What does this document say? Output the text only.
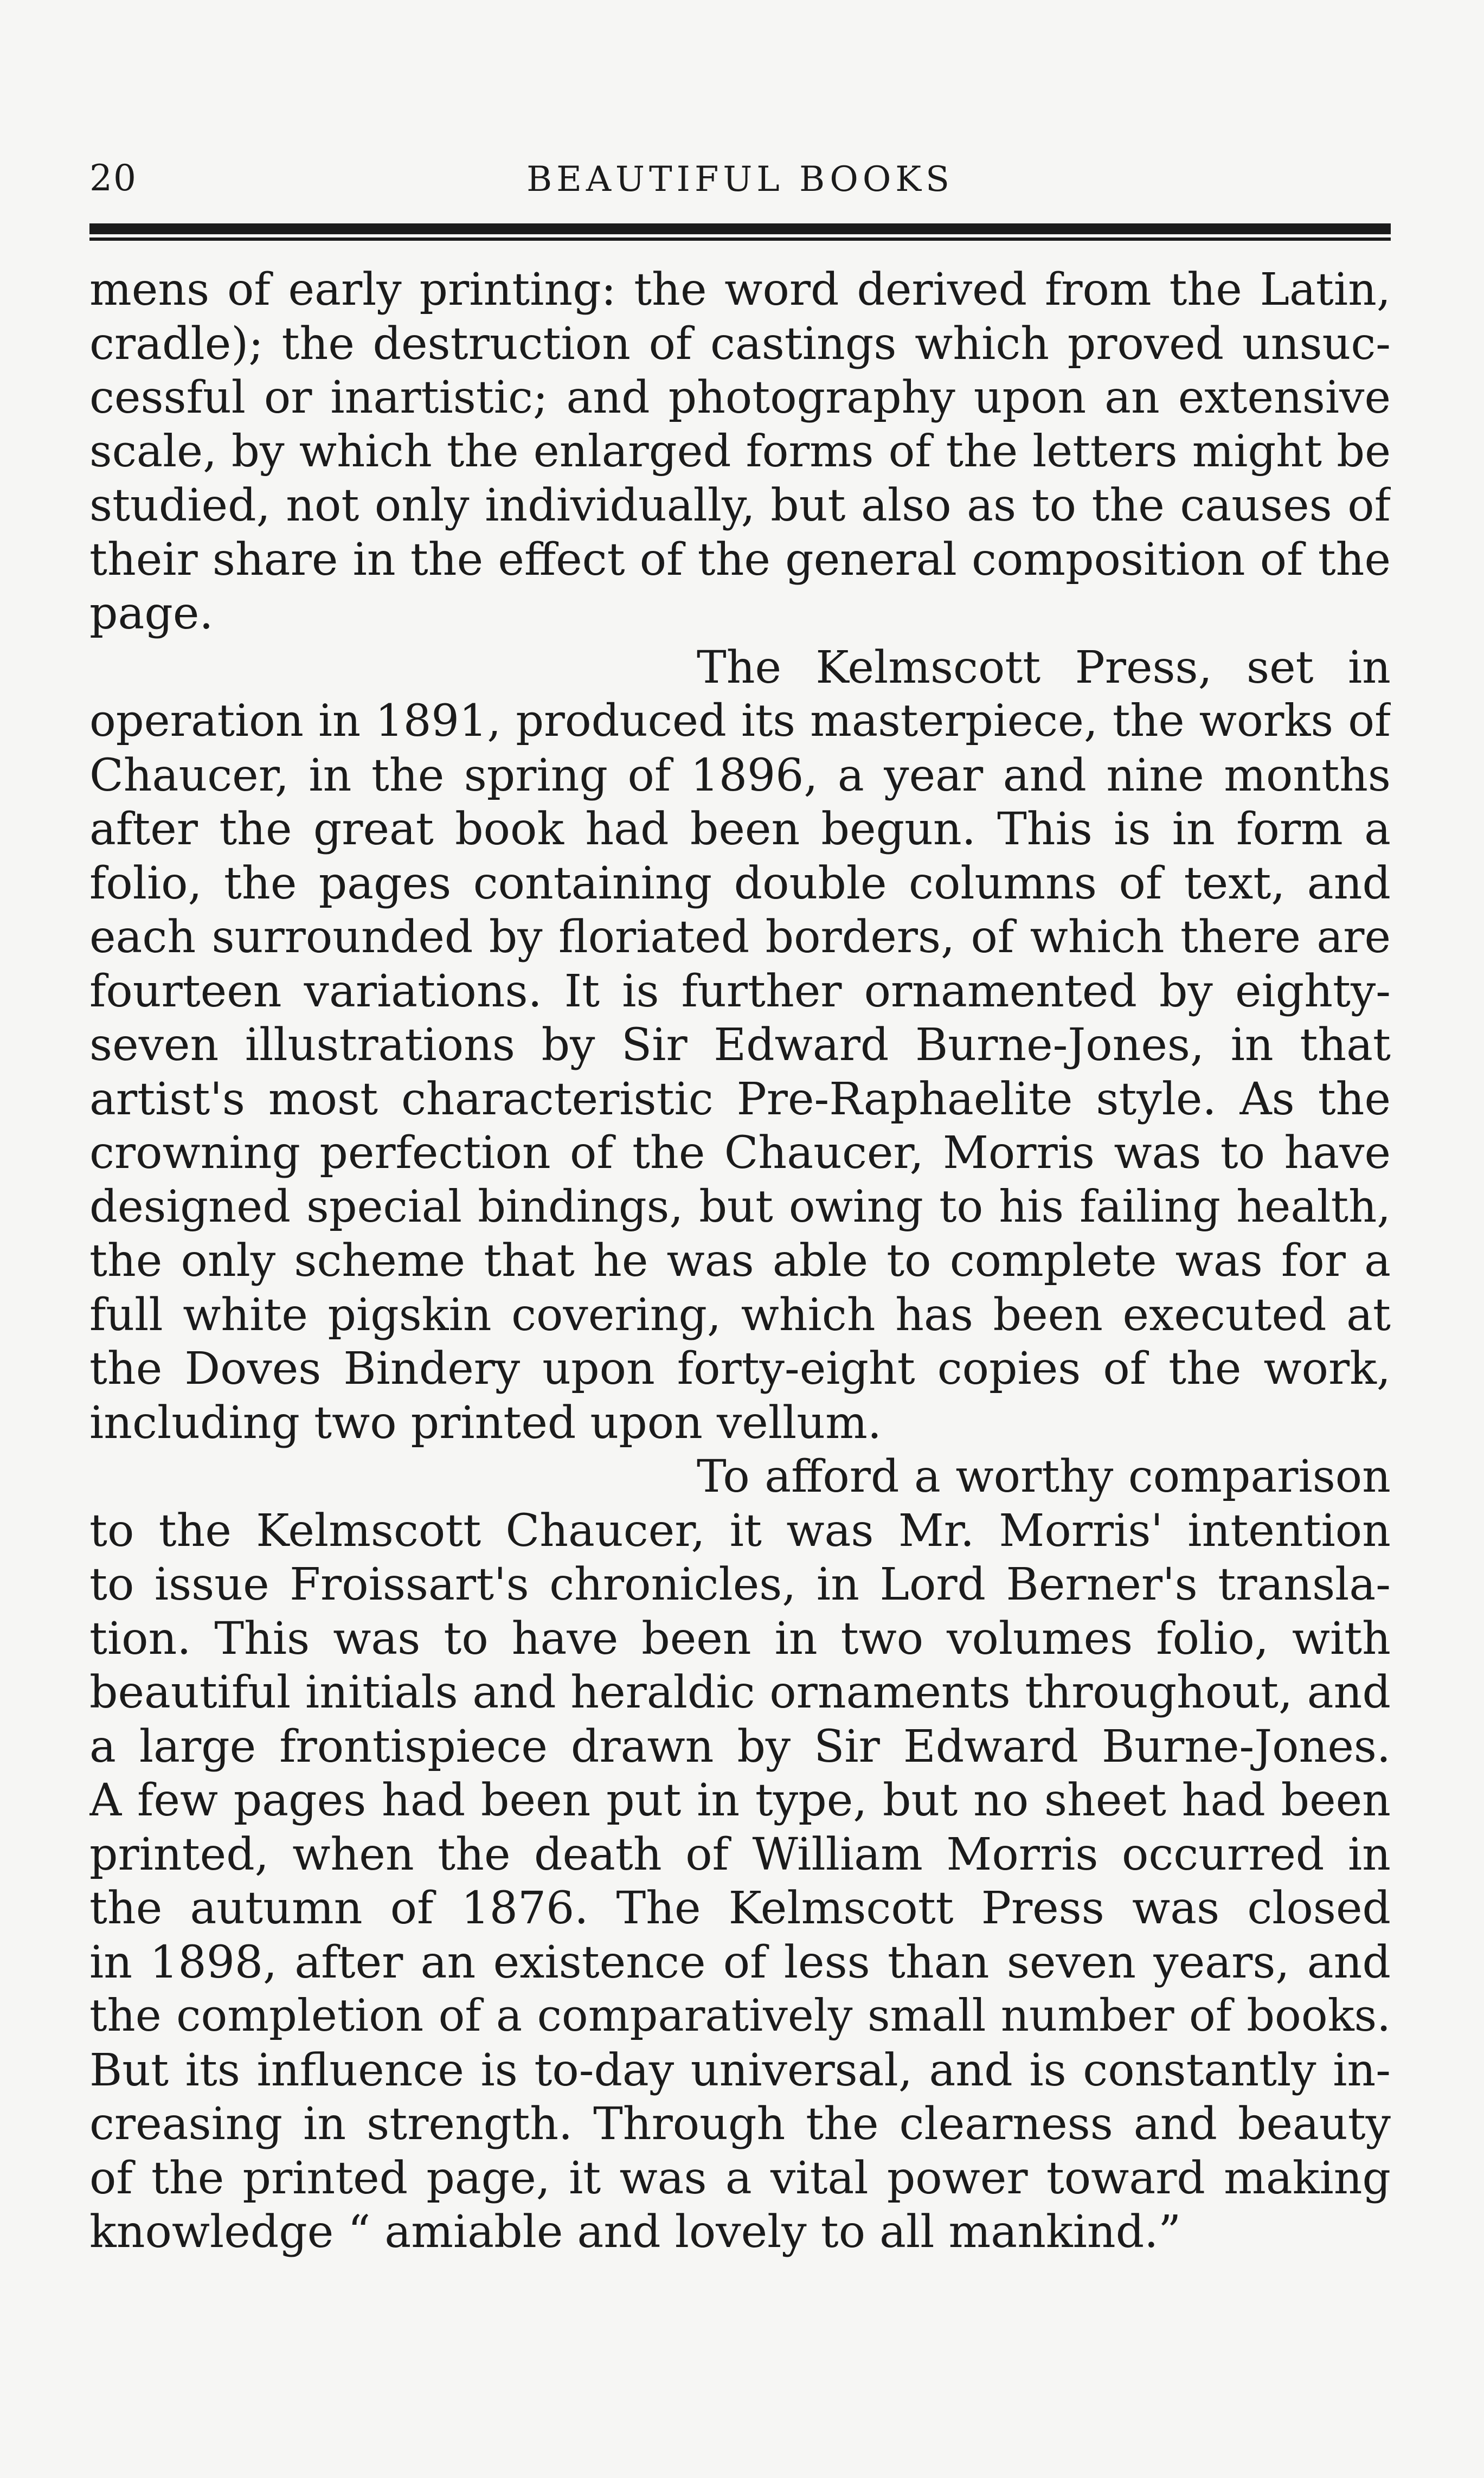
20	BEAUTIFUL BOOKS
mens of early printing: the word derived from the Latin,
cradle); the destruction of castings which proved unsuc-
cessful or inartistic; and photography upon an extensive
scale, by which the enlarged forms of the letters might be
studied, not only individually, but also as to the causes of
their share in the effect of the general composition of the
page.
The Kelmscott Press, set in
operation in 1891, produced its masterpiece, the works of
Chaucer, in the spring of 1896, a year and nine months
after the great book had been begun. This is in form a
folio, the pages containing double columns of text, and
each surrounded by floriated borders, of which there are
fourteen variations. It is further ornamented by eighty-
seven illustrations by Sir Edward Burne-Jones, in that
artist's most characteristic Pre-Raphaelite style. As the
crowning perfection of the Chaucer, Morris was to have
designed special bindings, but owing to his failing health,
the only scheme that he was able to complete was for a
full white pigskin covering, which has been executed at
the Doves Bindery upon forty-eight copies of the work,
including two printed upon vellum.
To afford a worthy comparison
to the Kelmscott Chaucer, it was Mr. Morris' intention
to issue Froissart's chronicles, in Lord Berner's transla-
tion. This was to have been in two volumes folio, with
beautiful initials and heraldic ornaments throughout, and
a large frontispiece drawn by Sir Edward Burne-Jones.
A few pages had been put in type, but no sheet had been
printed, when the death of William Morris occurred in
the autumn of 1876. The Kelmscott Press was closed
in 1898, after an existence of less than seven years, and
the completion of a comparatively small number of books.
But its influence is to-day universal, and is constantly in-
creasing in strength. Through the clearness and beauty
of the printed page, it was a vital power toward making
knowledge “ amiable and lovely to all mankind.”
